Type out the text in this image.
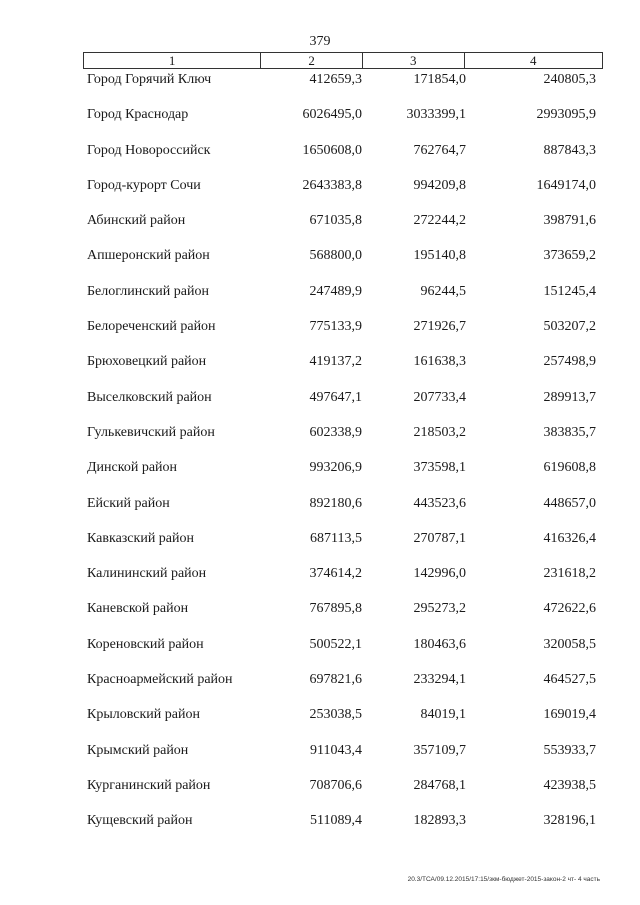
379
1	2	3	4
Город Горячий Ключ	412659,3	171854,0	240805,3
Город Краснодар	6026495,0	3033399,1	2993095,9
Город Новороссийск	1650608,0	762764,7	887843,3
Город-курорт Сочи	2643383,8	994209,8	1649174,0
Абинский район	671035,8	272244,2	398791,6
Апшеронский район	568800,0	195140,8	373659,2
Белоглинский район	247489,9	96244,5	151245,4
Белореченский район	775133,9	271926,7	503207,2
Брюховецкий район	419137,2	161638,3	257498,9
Выселковский район	497647,1	207733,4	289913,7
Гулькевичский район	602338,9	218503,2	383835,7
Динской район	993206,9	373598,1	619608,8
Ейский район	892180,6	443523,6	448657,0
Кавказский район	687113,5	270787,1	416326,4
Калининский район	374614,2	142996,0	231618,2
Каневской район	767895,8	295273,2	472622,6
Кореновский район	500522,1	180463,6	320058,5
Красноармейский район	697821,6	233294,1	464527,5
Крыловский район	253038,5	84019,1	169019,4
Крымский район	911043,4	357109,7	553933,7
Курганинский район	708706,6	284768,1	423938,5
Кущевский район	511089,4	182893,3	328196,1
20.3/ТСА/09.12.2015/17:15/зкм-бюджет-2015-закон-2 чт- 4 часть
